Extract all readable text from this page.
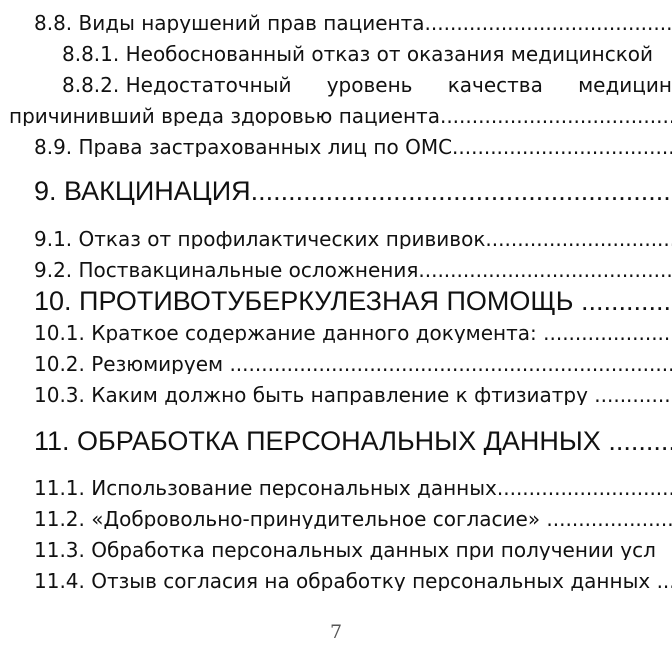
8.8. Виды нарушений прав пациента .....
8.8.1. Необоснованный отказ от оказания медицинской
8.8.2. Недостаточный уровень качества медицин
причинивший вреда здоровью пациента .....
8.9. Права застрахованных лиц по ОМС .....
9. ВАКЦИНАЦИЯ .....
9.1. Отказ от профилактических прививок .....
9.2. Поствакцинальные осложнения .....
10. ПРОТИВОТУБЕРКУЛЕЗНАЯ ПОМОЩЬ .....
10.1. Краткое содержание данного документа: .....
10.2. Резюмируем .....
10.3. Каким должно быть направление к фтизиатру .....
11. ОБРАБОТКА ПЕРСОНАЛЬНЫХ ДАННЫХ .....
11.1. Использование персональных данных .....
11.2. «Добровольно-принудительное согласие» .....
11.3. Обработка персональных данных при получении усл
11.4. Отзыв согласия на обработку персональных данных .....
7
